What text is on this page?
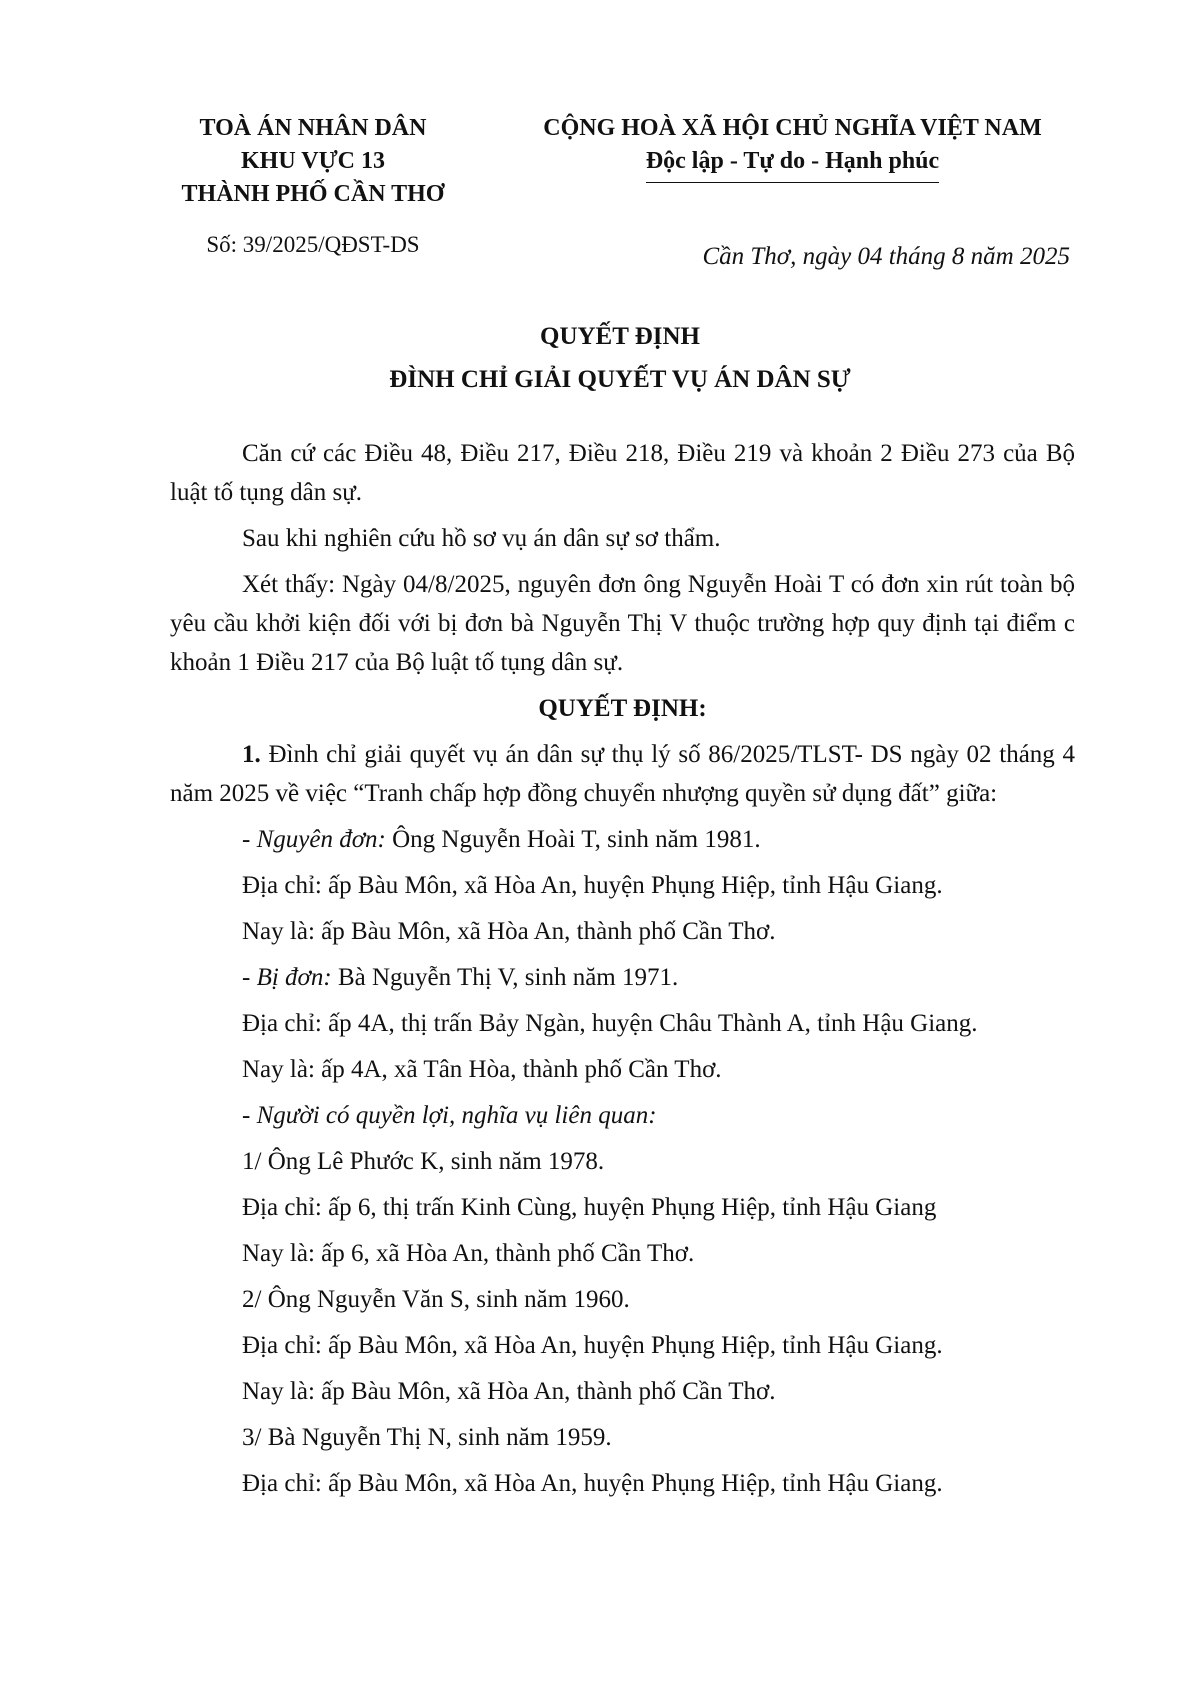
TOÀ ÁN NHÂN DÂN
KHU VỰC 13
THÀNH PHỐ CẦN THƠ
CỘNG HOÀ XÃ HỘI CHỦ NGHĨA VIỆT NAM
Độc lập - Tự do - Hạnh phúc
Số: 39/2025/QĐST-DS	Cần Thơ, ngày 04 tháng 8 năm 2025
QUYẾT ĐỊNH
ĐÌNH CHỈ GIẢI QUYẾT VỤ ÁN DÂN SỰ

Căn cứ các Điều 48, Điều 217, Điều 218, Điều 219 và khoản 2 Điều 273 của Bộ luật tố tụng dân sự.

Sau khi nghiên cứu hồ sơ vụ án dân sự sơ thẩm.

Xét thấy: Ngày 04/8/2025, nguyên đơn ông Nguyễn Hoài T có đơn xin rút toàn bộ yêu cầu khởi kiện đối với bị đơn bà Nguyễn Thị V thuộc trường hợp quy định tại điểm c khoản 1 Điều 217 của Bộ luật tố tụng dân sự.

QUYẾT ĐỊNH:

1. Đình chỉ giải quyết vụ án dân sự thụ lý số 86/2025/TLST- DS ngày 02 tháng 4 năm 2025 về việc “Tranh chấp hợp đồng chuyển nhượng quyền sử dụng đất” giữa:

- Nguyên đơn: Ông Nguyễn Hoài T, sinh năm 1981.

Địa chỉ: ấp Bàu Môn, xã Hòa An, huyện Phụng Hiệp, tỉnh Hậu Giang.

Nay là: ấp Bàu Môn, xã Hòa An, thành phố Cần Thơ.

- Bị đơn: Bà Nguyễn Thị V, sinh năm 1971.

Địa chỉ: ấp 4A, thị trấn Bảy Ngàn, huyện Châu Thành A, tỉnh Hậu Giang.

Nay là: ấp 4A, xã Tân Hòa, thành phố Cần Thơ.

- Người có quyền lợi, nghĩa vụ liên quan:

1/ Ông Lê Phước K, sinh năm 1978.

Địa chỉ: ấp 6, thị trấn Kinh Cùng, huyện Phụng Hiệp, tỉnh Hậu Giang

Nay là: ấp 6, xã Hòa An, thành phố Cần Thơ.

2/ Ông Nguyễn Văn S, sinh năm 1960.

Địa chỉ: ấp Bàu Môn, xã Hòa An, huyện Phụng Hiệp, tỉnh Hậu Giang.

Nay là: ấp Bàu Môn, xã Hòa An, thành phố Cần Thơ.

3/ Bà Nguyễn Thị N, sinh năm 1959.

Địa chỉ: ấp Bàu Môn, xã Hòa An, huyện Phụng Hiệp, tỉnh Hậu Giang.
